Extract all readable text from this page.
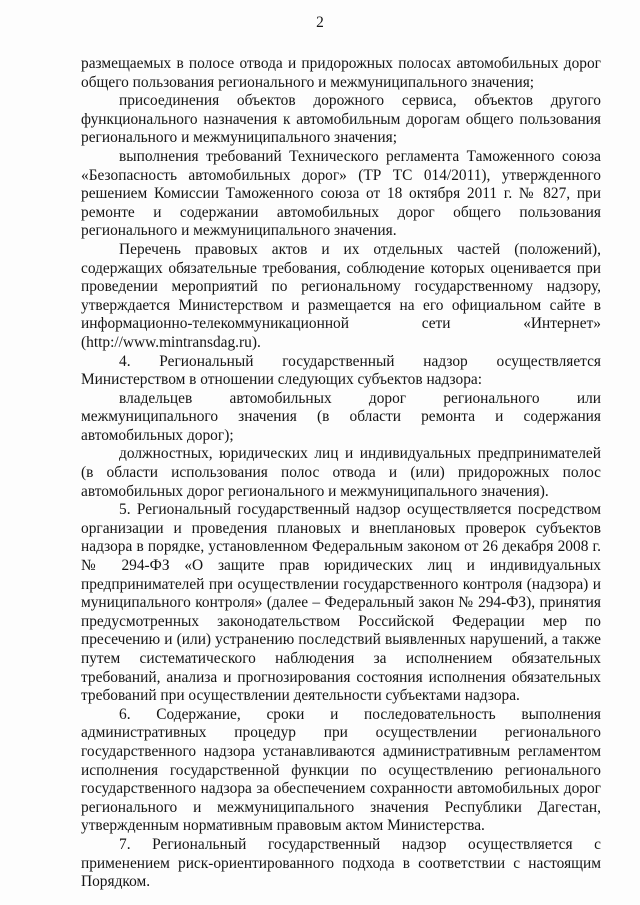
2

размещаемых в полосе отвода и придорожных полосах автомобильных дорог общего пользования регионального и межмуниципального значения;

присоединения объектов дорожного сервиса, объектов другого функционального назначения к автомобильным дорогам общего пользования регионального и межмуниципального значения;

выполнения требований Технического регламента Таможенного союза «Безопасность автомобильных дорог» (ТР ТС 014/2011), утвержденного решением Комиссии Таможенного союза от 18 октября 2011 г. № 827, при ремонте и содержании автомобильных дорог общего пользования регионального и межмуниципального значения.

Перечень правовых актов и их отдельных частей (положений), содержащих обязательные требования, соблюдение которых оценивается при проведении мероприятий по региональному государственному надзору, утверждается Министерством и размещается на его официальном сайте в информационно-телекоммуникационной сети «Интернет» (http://www.mintransdag.ru).

4. Региональный государственный надзор осуществляется Министерством в отношении следующих субъектов надзора:

владельцев автомобильных дорог регионального или межмуниципального значения (в области ремонта и содержания автомобильных дорог);

должностных, юридических лиц и индивидуальных предпринимателей (в области использования полос отвода и (или) придорожных полос автомобильных дорог регионального и межмуниципального значения).

5. Региональный государственный надзор осуществляется посредством организации и проведения плановых и внеплановых проверок субъектов надзора в порядке, установленном Федеральным законом от 26 декабря 2008 г. № 294-ФЗ «О защите прав юридических лиц и индивидуальных предпринимателей при осуществлении государственного контроля (надзора) и муниципального контроля» (далее – Федеральный закон № 294-ФЗ), принятия предусмотренных законодательством Российской Федерации мер по пресечению и (или) устранению последствий выявленных нарушений, а также путем систематического наблюдения за исполнением обязательных требований, анализа и прогнозирования состояния исполнения обязательных требований при осуществлении деятельности субъектами надзора.

6. Содержание, сроки и последовательность выполнения административных процедур при осуществлении регионального государственного надзора устанавливаются административным регламентом исполнения государственной функции по осуществлению регионального государственного надзора за обеспечением сохранности автомобильных дорог регионального и межмуниципального значения Республики Дагестан, утвержденным нормативным правовым актом Министерства.

7. Региональный государственный надзор осуществляется с применением риск-ориентированного подхода в соответствии с настоящим Порядком.
